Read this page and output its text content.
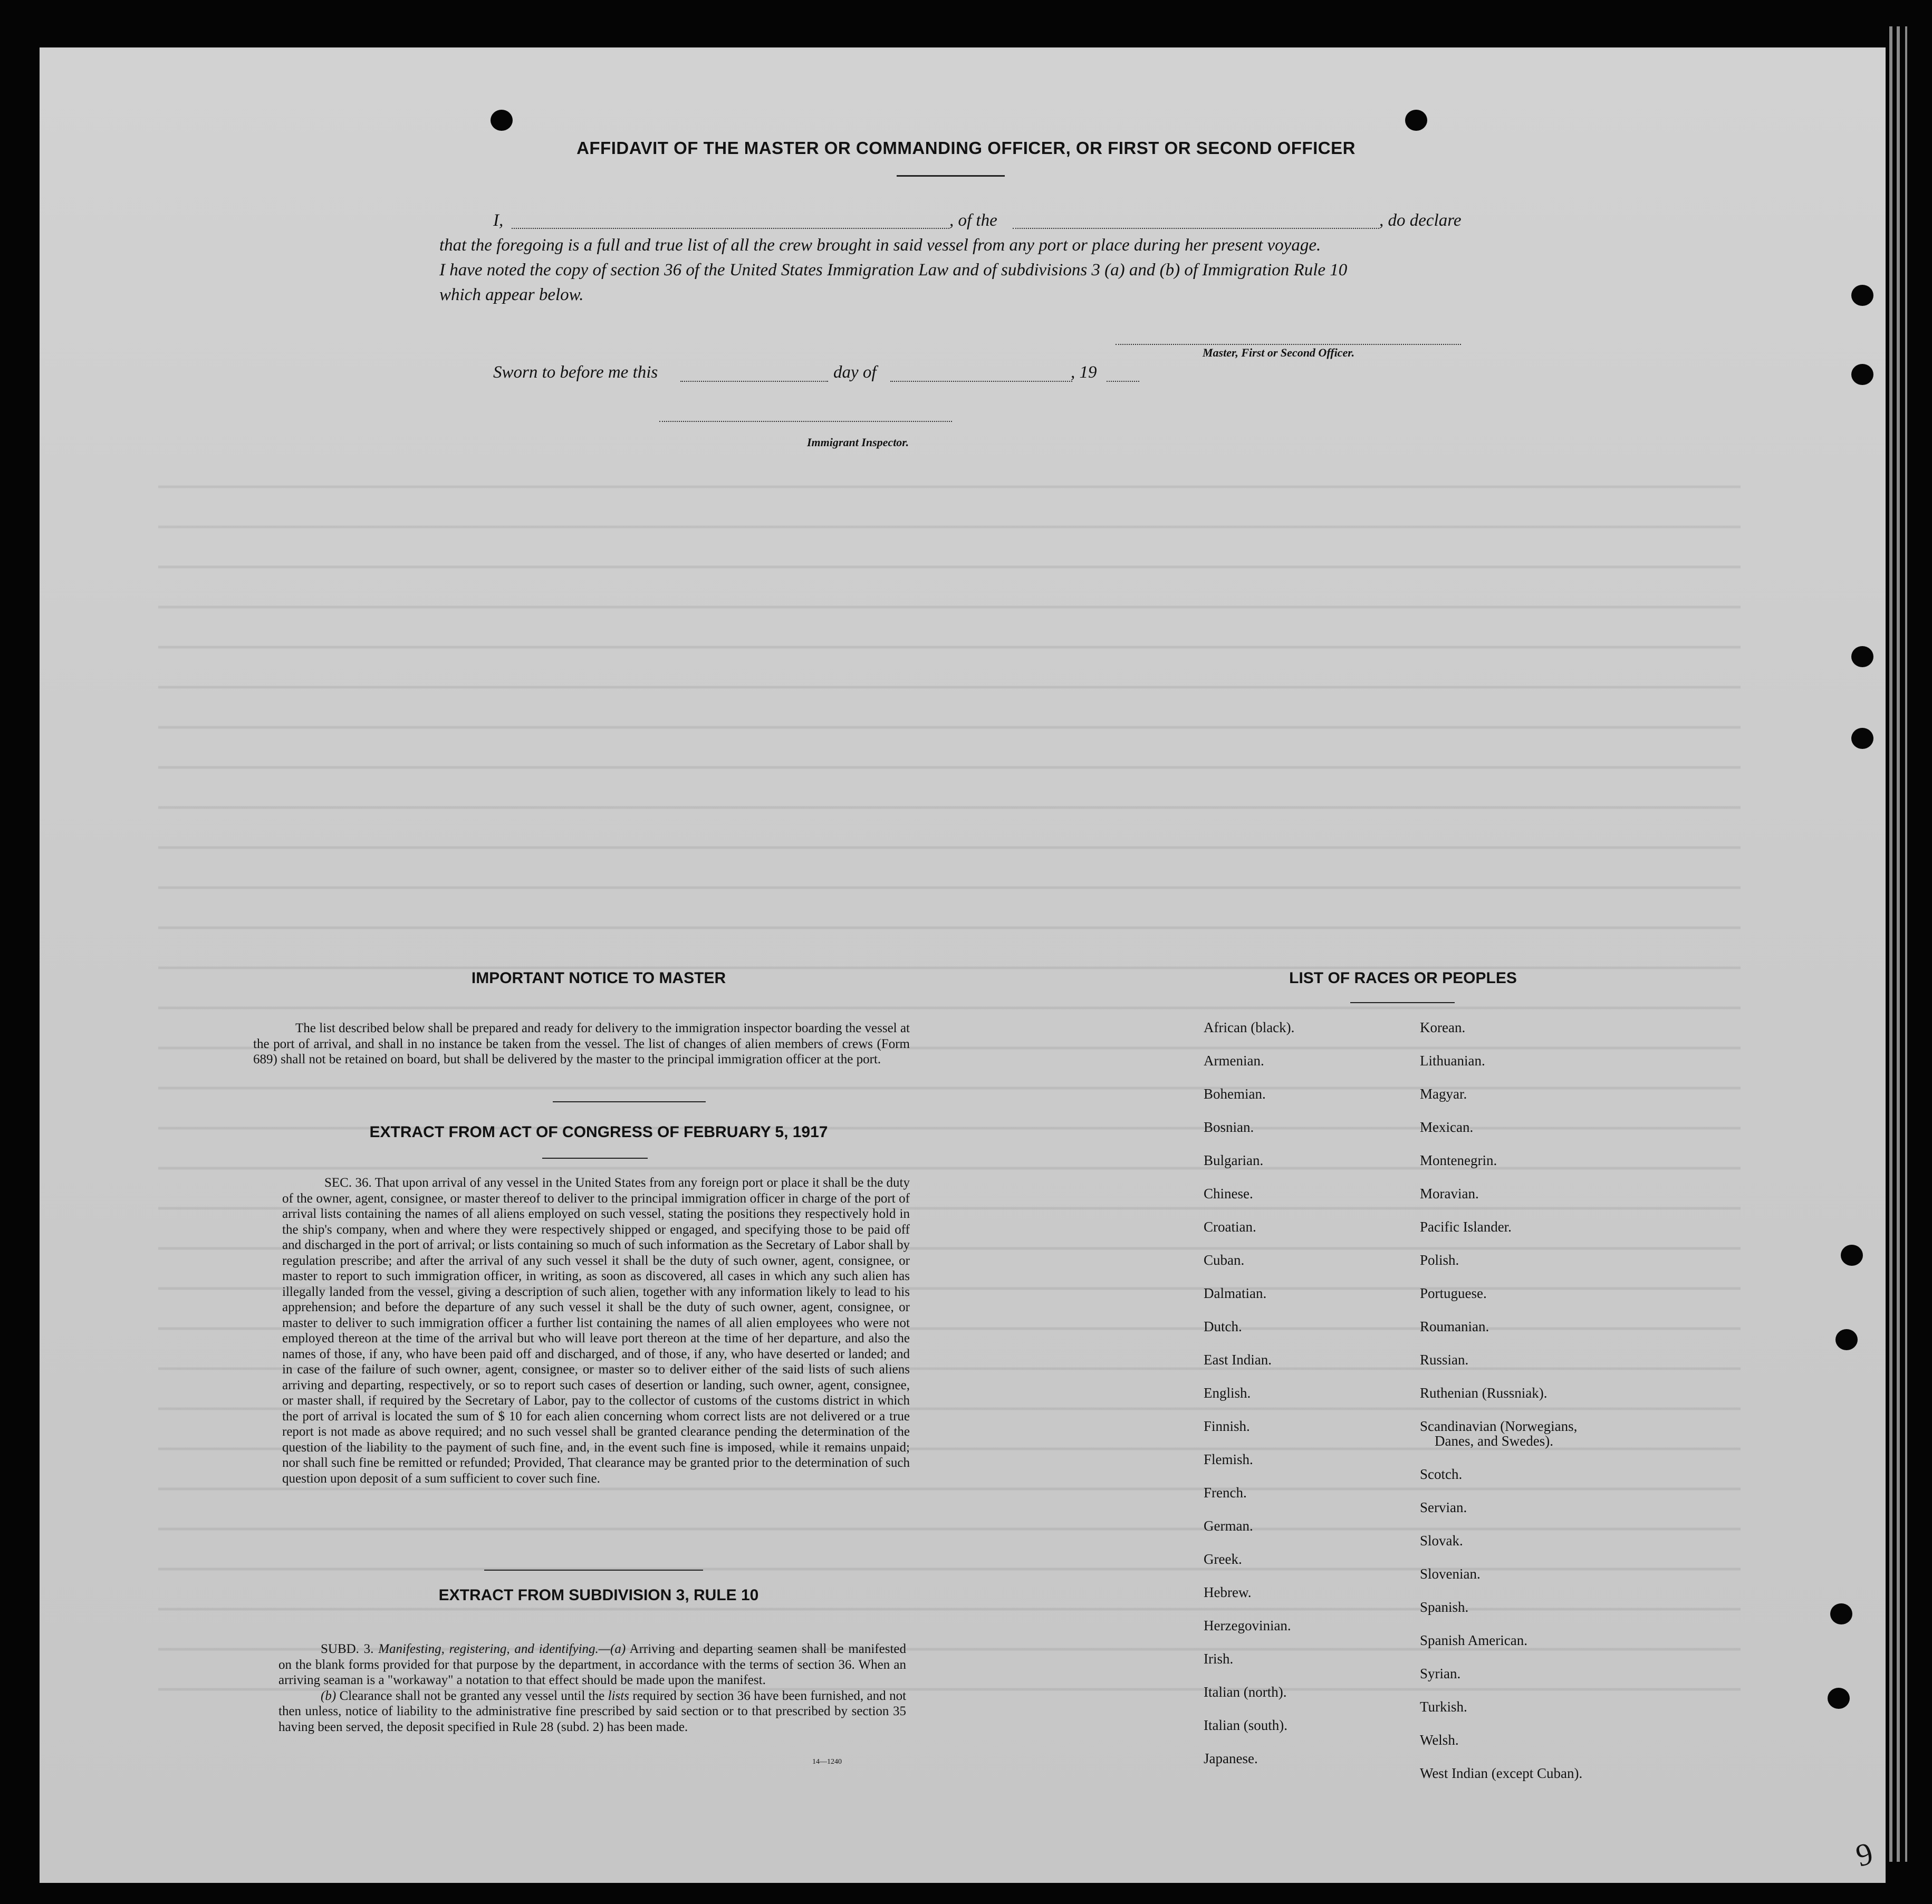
AFFIDAVIT OF THE MASTER OR COMMANDING OFFICER, OR FIRST OR SECOND OFFICER
I,	, of the	, do declare
that the foregoing is a full and true list of all the crew brought in said vessel from any port or place during her present voyage.
I have noted the copy of section 36 of the United States Immigration Law and of subdivisions 3 (a) and (b) of Immigration Rule 10
which appear below.
Master, First or Second Officer.
Sworn to before me this	day of	, 19
Immigrant Inspector.
IMPORTANT NOTICE TO MASTER

The list described below shall be prepared and ready for delivery to the immigration inspector boarding the vessel at the port of arrival, and shall in no instance be taken from the vessel. The list of changes of alien members of crews (Form 689) shall not be retained on board, but shall be delivered by the master to the principal immigration officer at the port.

EXTRACT FROM ACT OF CONGRESS OF FEBRUARY 5, 1917

SEC. 36. That upon arrival of any vessel in the United States from any foreign port or place it shall be the duty of the owner, agent, consignee, or master thereof to deliver to the principal immigration officer in charge of the port of arrival lists containing the names of all aliens employed on such vessel, stating the positions they respectively hold in the ship's company, when and where they were respectively shipped or engaged, and specifying those to be paid off and discharged in the port of arrival; or lists containing so much of such information as the Secretary of Labor shall by regulation prescribe; and after the arrival of any such vessel it shall be the duty of such owner, agent, consignee, or master to report to such immigration officer, in writing, as soon as discovered, all cases in which any such alien has illegally landed from the vessel, giving a description of such alien, together with any information likely to lead to his apprehension; and before the departure of any such vessel it shall be the duty of such owner, agent, consignee, or master to deliver to such immigration officer a further list containing the names of all alien employees who were not employed thereon at the time of the arrival but who will leave port thereon at the time of her departure, and also the names of those, if any, who have been paid off and discharged, and of those, if any, who have deserted or landed; and in case of the failure of such owner, agent, consignee, or master so to deliver either of the said lists of such aliens arriving and departing, respectively, or so to report such cases of desertion or landing, such owner, agent, consignee, or master shall, if required by the Secretary of Labor, pay to the collector of customs of the customs district in which the port of arrival is located the sum of $ 10 for each alien concerning whom correct lists are not delivered or a true report is not made as above required; and no such vessel shall be granted clearance pending the determination of the question of the liability to the payment of such fine, and, in the event such fine is imposed, while it remains unpaid; nor shall such fine be remitted or refunded; Provided, That clearance may be granted prior to the determination of such question upon deposit of a sum sufficient to cover such fine.

EXTRACT FROM SUBDIVISION 3, RULE 10

SUBD. 3. Manifesting, registering, and identifying.—(a) Arriving and departing seamen shall be manifested on the blank forms provided for that purpose by the department, in accordance with the terms of section 36. When an arriving seaman is a "workaway" a notation to that effect should be made upon the manifest.

(b) Clearance shall not be granted any vessel until the lists required by section 36 have been furnished, and not then unless, notice of liability to the administrative fine prescribed by said section or to that prescribed by section 35 having been served, the deposit specified in Rule 28 (subd. 2) has been made.

14—1240
LIST OF RACES OR PEOPLES
African (black).
Armenian.
Bohemian.
Bosnian.
Bulgarian.
Chinese.
Croatian.
Cuban.
Dalmatian.
Dutch.
East Indian.
English.
Finnish.
Flemish.
French.
German.
Greek.
Hebrew.
Herzegovinian.
Irish.
Italian (north).
Italian (south).
Japanese.
Korean.
Lithuanian.
Magyar.
Mexican.
Montenegrin.
Moravian.
Pacific Islander.
Polish.
Portuguese.
Roumanian.
Russian.
Ruthenian (Russniak).
Scandinavian (Norwegians,
Danes, and Swedes).
Scotch.
Servian.
Slovak.
Slovenian.
Spanish.
Spanish American.
Syrian.
Turkish.
Welsh.
West Indian (except Cuban).
9
